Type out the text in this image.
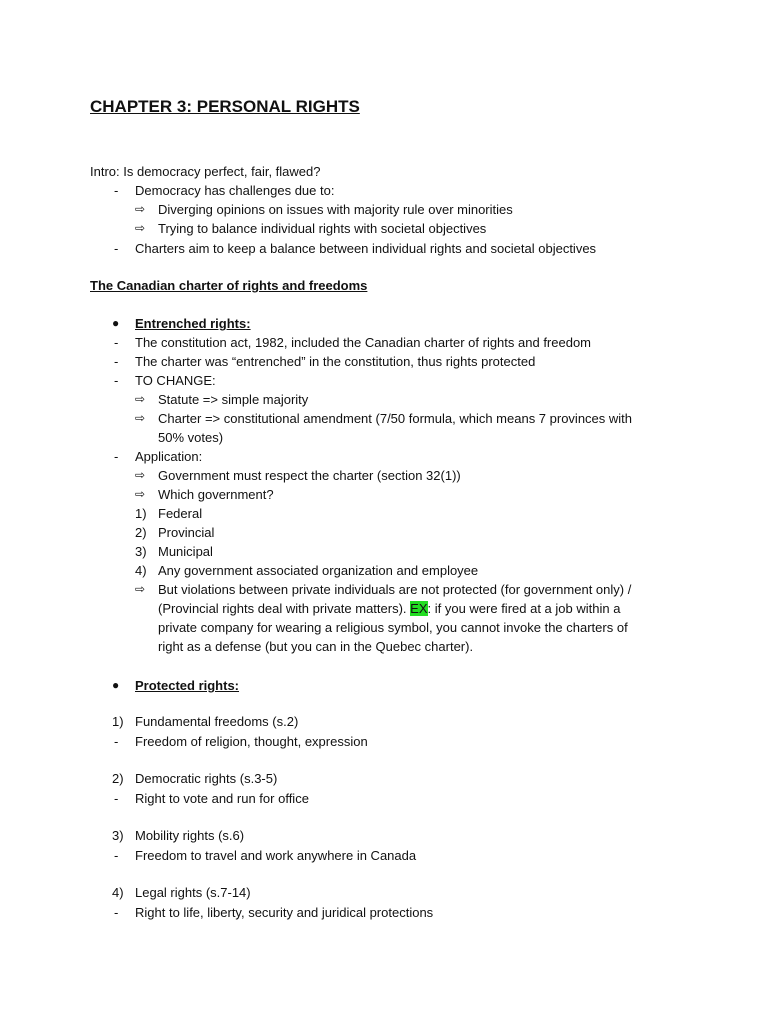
CHAPTER 3: PERSONAL RIGHTS
Intro: Is democracy perfect, fair, flawed?
- Democracy has challenges due to:
⇨ Diverging opinions on issues with majority rule over minorities
⇨ Trying to balance individual rights with societal objectives
- Charters aim to keep a balance between individual rights and societal objectives
The Canadian charter of rights and freedoms
● Entrenched rights:
- The constitution act, 1982, included the Canadian charter of rights and freedom
- The charter was “entrenched” in the constitution, thus rights protected
- TO CHANGE:
⇨ Statute => simple majority
⇨ Charter => constitutional amendment (7/50 formula, which means 7 provinces with
50% votes)
- Application:
⇨ Government must respect the charter (section 32(1))
⇨ Which government?
1) Federal
2) Provincial
3) Municipal
4) Any government associated organization and employee
⇨ But violations between private individuals are not protected (for government only) /
(Provincial rights deal with private matters). EX: if you were fired at a job within a
private company for wearing a religious symbol, you cannot invoke the charters of
right as a defense (but you can in the Quebec charter).
● Protected rights:
1) Fundamental freedoms (s.2)
- Freedom of religion, thought, expression
2) Democratic rights (s.3-5)
- Right to vote and run for office
3) Mobility rights (s.6)
- Freedom to travel and work anywhere in Canada
4) Legal rights (s.7-14)
- Right to life, liberty, security and juridical protections
